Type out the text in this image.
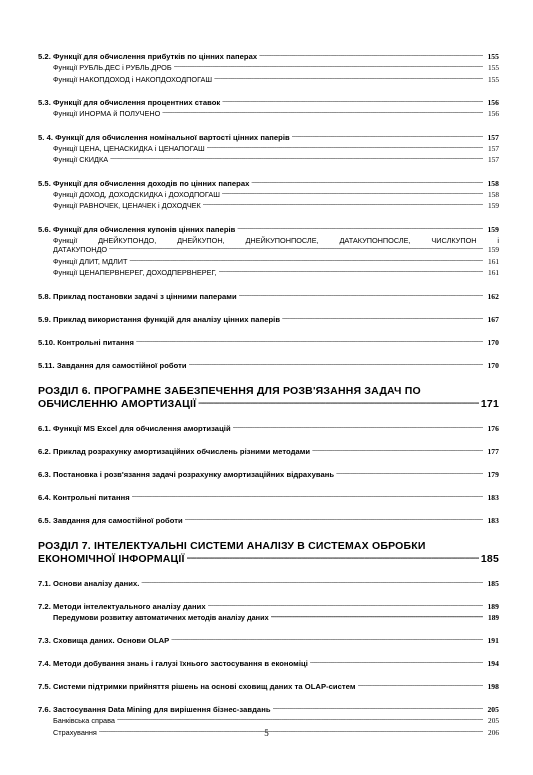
5.2. Функції для обчислення прибутків по цінних паперах -----	155
Функції РУБЛЬ.ДЕС і РУБЛЬ.ДРОБ -----	155
Функції НАКОПДОХОД і НАКОПДОХОДПОГАШ -----	155
5.3. Функції для обчислення процентних ставок -----	156
Функції ИНОРМА й ПОЛУЧЕНО -----	156
5. 4. Функції для обчислення номінальної вартості цінних паперів -----	157
Функції ЦЕНА, ЦЕНАСКИДКА і ЦЕНАПОГАШ -----	157
Функції СКИДКА -----	157
5.5. Функції для обчислення доходів по цінних паперах -----	158
Функції ДОХОД, ДОХОДСКИДКА і ДОХОДПОГАШ -----	158
Функції РАВНОЧЕК, ЦЕНАЧЕК і ДОХОДЧЕК -----	159
5.6. Функції для обчислення купонів цінних паперів -----	159
Функції ДНЕЙКУПОНДО, ДНЕЙКУПОН, ДНЕЙКУПОНПОСЛЕ, ДАТАКУПОНПОСЛЕ, ЧИСЛКУПОН і
ДАТАКУПОНДО -----	159
Функції ДЛИТ, МДЛИТ -----	161
Функції ЦЕНАПЕРВНЕРЕГ, ДОХОДПЕРВНЕРЕГ, -----	161
5.8. Приклад постановки задачі з цінними паперами -----	162
5.9. Приклад використання функцій для аналізу цінних паперів -----	167
5.10. Контрольні питання -----	170
5.11. Завдання для самостійної роботи -----	170
РОЗДІЛ 6. ПРОГРАМНЕ ЗАБЕЗПЕЧЕННЯ ДЛЯ РОЗВ'ЯЗАННЯ ЗАДАЧ ПО
ОБЧИСЛЕННЮ АМОРТИЗАЦІЇ -----	171
6.1. Функції MS Excel для обчислення амортизацій -----	176
6.2. Приклад розрахунку амортизаційних обчислень різними методами -----	177
6.3. Постановка і розв'язання задачі розрахунку амортизаційних відрахувань -----	179
6.4. Контрольні питання -----	183
6.5. Завдання для самостійної роботи -----	183
РОЗДІЛ 7. ІНТЕЛЕКТУАЛЬНІ СИСТЕМИ АНАЛІЗУ В СИСТЕМАХ ОБРОБКИ
ЕКОНОМІЧНОЇ ІНФОРМАЦІЇ -----	185
7.1. Основи аналізу даних. -----	185
7.2. Методи інтелектуального аналізу даних -----	189
Передумови розвитку автоматичних методів аналізу даних -----	189
7.3. Сховища даних. Основи OLAP -----	191
7.4. Методи добування знань і галузі їхнього застосування в економіці -----	194
7.5. Системи підтримки прийняття рішень на основі сховищ даних та OLAP-систем -----	198
7.6. Застосування Data Mining для вирішення бізнес-завдань -----	205
Банківська справа -----	205
Страхування -----	206
5
